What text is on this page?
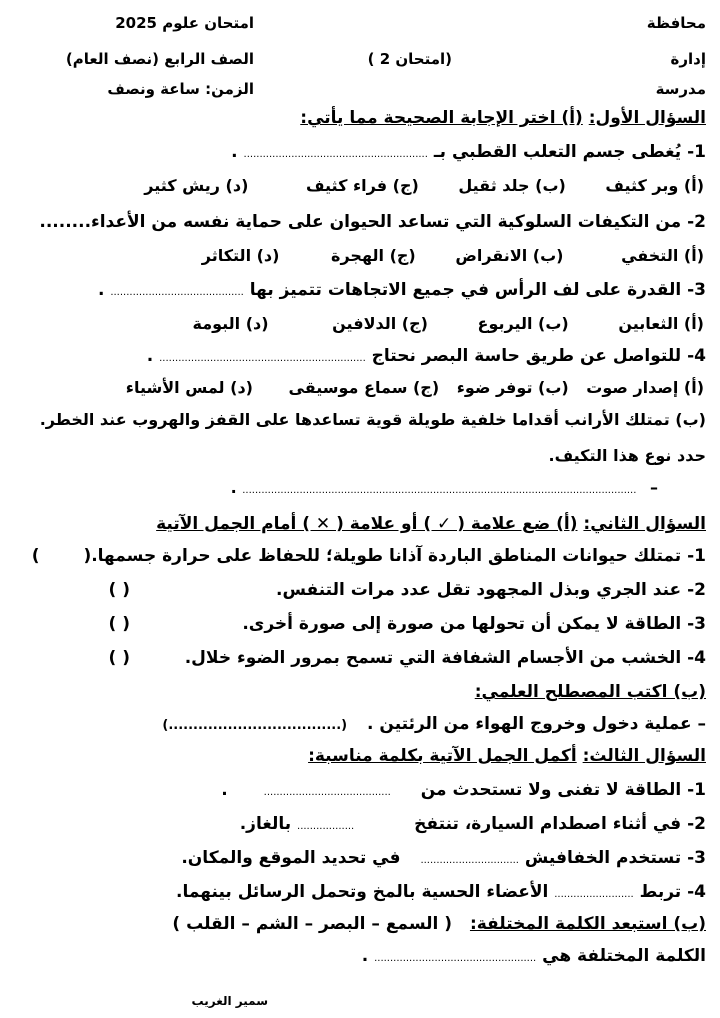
محافظة
امتحان علوم 2025
إدارة
(امتحان 2 )
الصف الرابع (نصف العام)
مدرسة
الزمن: ساعة ونصف
السؤال الأول: (أ) اختر الإجابة الصحيحة مما يأتي:
1- يُغطى جسم التعلب القطبي بـ .......................................................... .
(أ) وبر كثيف (ب) جلد ثقيل (ج) فراء كثيف (د) ريش كثير
2- من التكيفات السلوكية التي تساعد الحيوان على حماية نفسه من الأعداء........
(أ) التخفي (ب) الانقراض (ج) الهجرة (د) التكاثر
3- القدرة على لف الرأس في جميع الاتجاهات تتميز بها .......................................... .
(أ) الثعابين (ب) اليربوع (ج) الدلافين (د) البومة
4- للتواصل عن طريق حاسة البصر نحتاج ................................................................. .
(أ) إصدار صوت (ب) توفر ضوء (ج) سماع موسيقى (د) لمس الأشياء
(ب) تمتلك الأرانب أقداما خلفية طويلة قوية تساعدها على القفز والهروب عند الخطر.
حدد نوع هذا التكيف.
– ............................................................................................................................ .
السؤال الثاني: (أ) ضع علامة ( ✓ ) أو علامة ( ✕ ) أمام الجمل الآتية
1- تمتلك حيوانات المناطق الباردة آذانا طويلة؛ للحفاظ على حرارة جسمها.( )
2- عند الجري وبذل المجهود تقل عدد مرات التنفس.
( )
3- الطاقة لا يمكن أن تحولها من صورة إلى صورة أخرى.
( )
4- الخشب من الأجسام الشفافة التي تسمح بمرور الضوء خلال.
( )
(ب) اكتب المصطلح العلمي:
– عملية دخول وخروج الهواء من الرئتين . (...................................)
السؤال الثالث: أكمل الجمل الآتية بكلمة مناسبة:
1- الطاقة لا تفنى ولا تستحدث من ........................................ .
2- في أثناء اصطدام السيارة، تنتفخ .................. بالغاز.
3- تستخدم الخفافيش ............................... في تحديد الموقع والمكان.
4- تربط ......................... الأعضاء الحسية بالمخ وتحمل الرسائل بينهما.
(ب) استبعد الكلمة المختلفة: ( السمع – البصر – الشم – القلب )
الكلمة المختلفة هي ................................................... .
سمير الغريب
